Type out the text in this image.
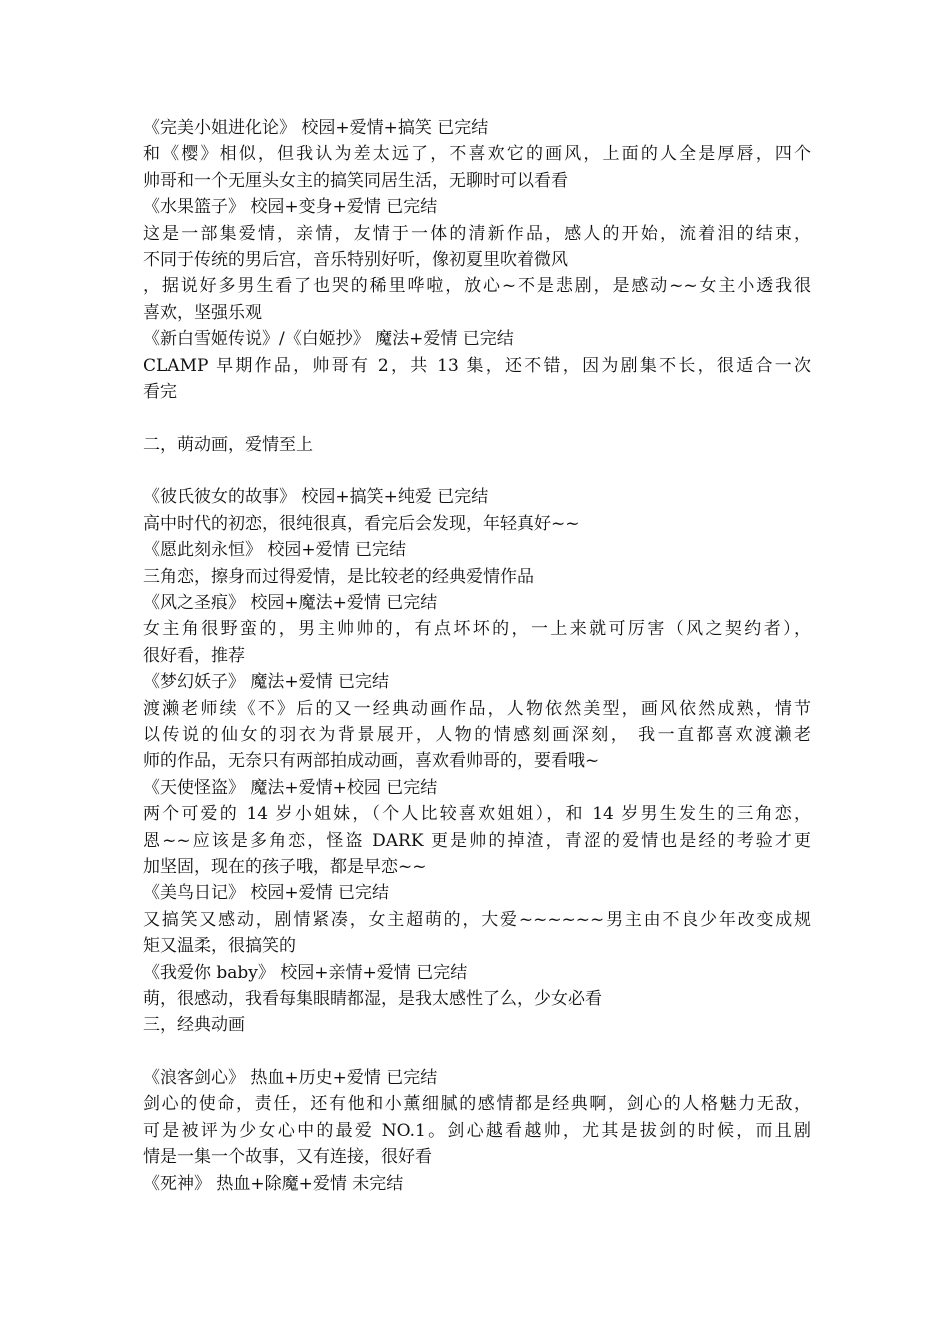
《完美小姐进化论》 校园+爱情+搞笑 已完结
和《樱》相似，但我认为差太远了，不喜欢它的画风，上面的人全是厚唇，四个
帅哥和一个无厘头女主的搞笑同居生活，无聊时可以看看
《水果篮子》 校园+变身+爱情 已完结
这是一部集爱情，亲情，友情于一体的清新作品，感人的开始，流着泪的结束，
不同于传统的男后宫，音乐特别好听，像初夏里吹着微风
，据说好多男生看了也哭的稀里哗啦，放心~不是悲剧，是感动~~女主小透我很
喜欢，坚强乐观
《新白雪姬传说》/《白姬抄》 魔法+爱情 已完结
CLAMP 早期作品，帅哥有 2，共 13 集，还不错，因为剧集不长，很适合一次
看完
二，萌动画，爱情至上
《彼氏彼女的故事》 校园+搞笑+纯爱 已完结
高中时代的初恋，很纯很真，看完后会发现，年轻真好~~
《愿此刻永恒》 校园+爱情 已完结
三角恋，擦身而过得爱情，是比较老的经典爱情作品
《风之圣痕》 校园+魔法+爱情 已完结
女主角很野蛮的，男主帅帅的，有点坏坏的，一上来就可厉害（风之契约者），
很好看，推荐
《梦幻妖子》 魔法+爱情 已完结
渡濑老师续《不》后的又一经典动画作品，人物依然美型，画风依然成熟，情节
以传说的仙女的羽衣为背景展开，人物的情感刻画深刻， 我一直都喜欢渡濑老
师的作品，无奈只有两部拍成动画，喜欢看帅哥的，要看哦~
《天使怪盗》 魔法+爱情+校园 已完结
两个可爱的 14 岁小姐妹，（个人比较喜欢姐姐），和 14 岁男生发生的三角恋，
恩~~应该是多角恋，怪盗 DARK 更是帅的掉渣，青涩的爱情也是经的考验才更
加坚固，现在的孩子哦，都是早恋~~
《美鸟日记》 校园+爱情 已完结
又搞笑又感动，剧情紧凑，女主超萌的，大爱~~~~~~男主由不良少年改变成规
矩又温柔，很搞笑的
《我爱你 baby》 校园+亲情+爱情 已完结
萌，很感动，我看每集眼睛都湿，是我太感性了么，少女必看
三，经典动画
《浪客剑心》 热血+历史+爱情 已完结
剑心的使命，责任，还有他和小薰细腻的感情都是经典啊，剑心的人格魅力无敌，
可是被评为少女心中的最爱 NO.1。剑心越看越帅，尤其是拔剑的时候，而且剧
情是一集一个故事，又有连接，很好看
《死神》 热血+除魔+爱情 未完结
